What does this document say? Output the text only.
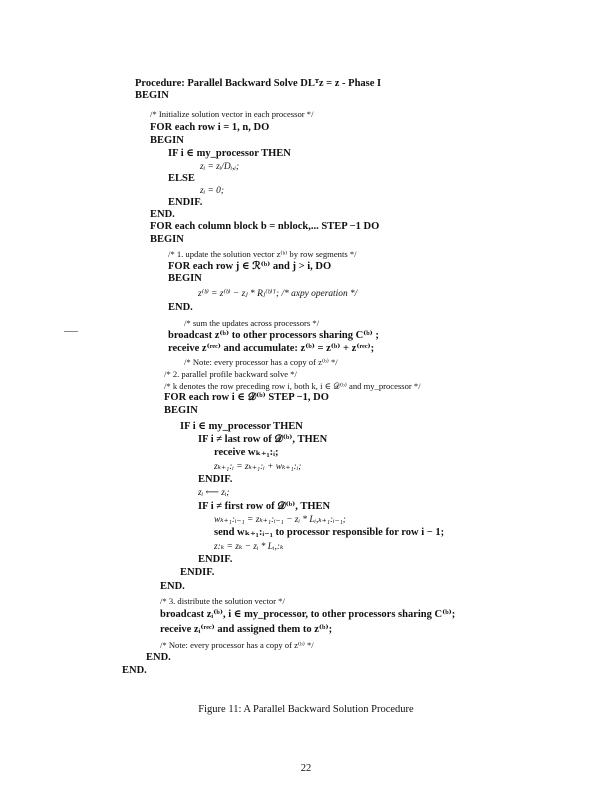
Procedure: Parallel Backward Solve DLᵀz = z - Phase I
BEGIN
/* Initialize solution vector in each processor */
FOR each row i = 1, n, DO
BEGIN
IF i ∈ my_processor THEN
zᵢ = zᵢ/Dᵢ,ᵢ;
ELSE
zᵢ = 0;
ENDIF.
END.
FOR each column block b = nblock,... STEP −1 DO
BEGIN
/* 1. update the solution vector z⁽ᵇ⁾ by row segments */
FOR each row j ∈ ℛ⁽ᵇ⁾ and j > i, DO
BEGIN
z⁽ᵇ⁾ = z⁽ᵇ⁾ − zⱼ * Rⱼ⁽ᵇ⁾ᵀ; /* axpy operation */
END.
/* sum the updates across processors */
broadcast z⁽ᵇ⁾ to other processors sharing C⁽ᵇ⁾ ;
receive z⁽ʳᵉᶜ⁾ and accumulate: z⁽ᵇ⁾ = z⁽ᵇ⁾ + z⁽ʳᵉᶜ⁾;
/* Note: every processor has a copy of z⁽ᵇ⁾ */
/* 2. parallel profile backward solve */
/* k denotes the row preceding row i, both k, i ∈ 𝒟⁽ᵇ⁾ and my_processor */
FOR each row i ∈ 𝒟⁽ᵇ⁾ STEP −1, DO
BEGIN
IF i ∈ my_processor THEN
IF i ≠ last row of 𝒟⁽ᵇ⁾, THEN
receive wₖ₊₁:ᵢ;
zₖ₊₁:ᵢ = zₖ₊₁:ᵢ + wₖ₊₁:ᵢ;
ENDIF.
zᵢ ⟵ zᵢ;
IF i ≠ first row of 𝒟⁽ᵇ⁾, THEN
wₖ₊₁:ᵢ₋₁ = zₖ₊₁:ᵢ₋₁ − zᵢ * Lᵢ,ₖ₊₁:ᵢ₋₁;
send wₖ₊₁:ᵢ₋₁ to processor responsible for row i − 1;
z:ₖ = zₖ − zᵢ * Lᵢ,:ₖ
ENDIF.
ENDIF.
END.
/* 3. distribute the solution vector */
broadcast zᵢ⁽ᵇ⁾, i ∈ my_processor, to other processors sharing C⁽ᵇ⁾;
receive zᵢ⁽ʳᵉᶜ⁾ and assigned them to z⁽ᵇ⁾;
/* Note: every processor has a copy of z⁽ᵇ⁾ */
END.
END.
Figure 11: A Parallel Backward Solution Procedure
22
